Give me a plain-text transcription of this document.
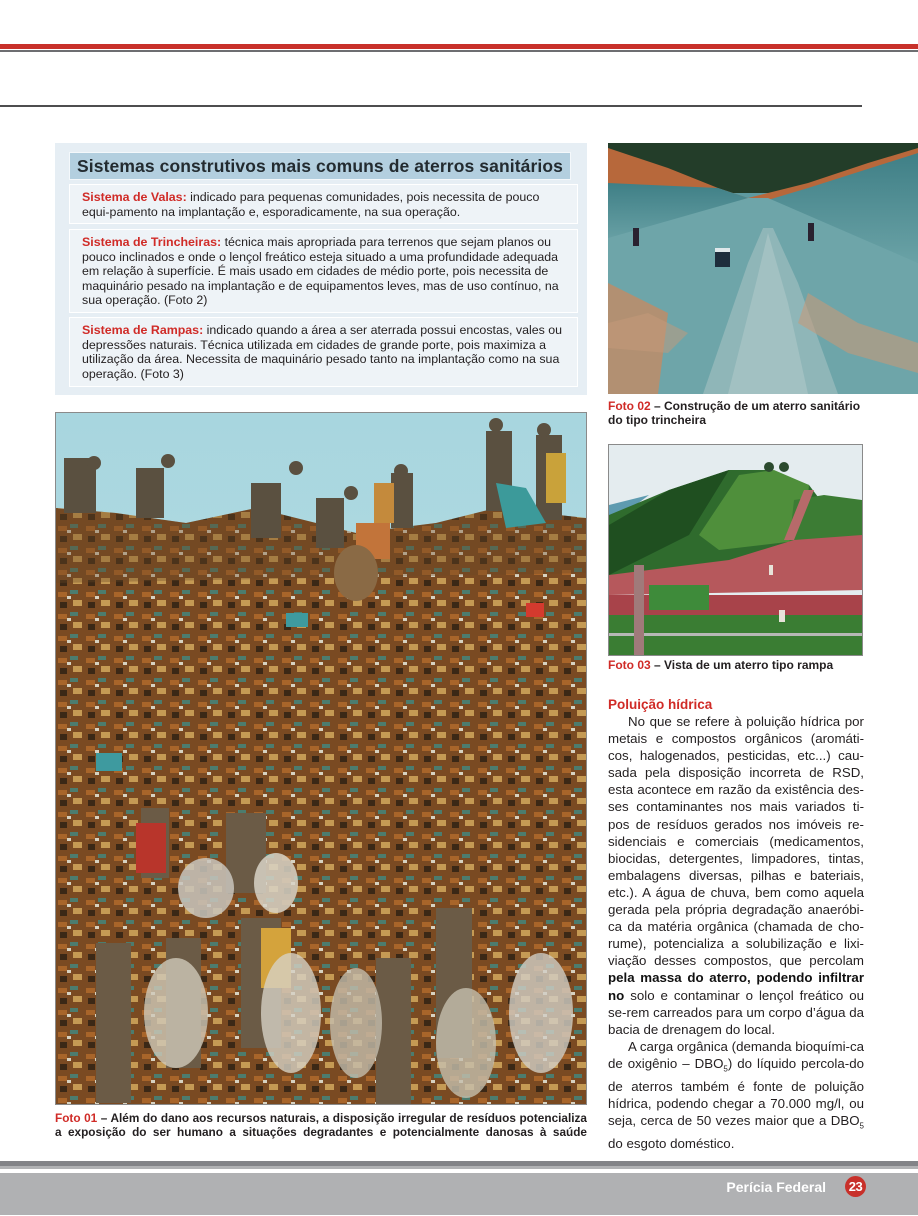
Sistemas construtivos mais comuns de aterros sanitários
Sistema de Valas: indicado para pequenas comunidades, pois necessita de pouco equi-pamento na implantação e, esporadicamente, na sua operação.
Sistema de Trincheiras: técnica mais apropriada para terrenos que sejam planos ou pouco inclinados e onde o lençol freático esteja situado a uma profundidade adequada em relação à superfície. É mais usado em cidades de médio porte, pois necessita de maquinário pesado na implantação e de equipamentos leves, mas de uso contínuo, na sua operação. (Foto 2)
Sistema de Rampas: indicado quando a área a ser aterrada possui encostas, vales ou depressões naturais. Técnica utilizada em cidades de grande porte, pois maximiza a utilização da área. Necessita de maquinário pesado tanto na implantação como na sua operação. (Foto 3)
Foto 02 – Construção de um aterro sanitário do tipo trincheira
Foto 03 – Vista de um aterro tipo rampa
Foto 01 – Além do dano aos recursos naturais, a disposição irregular de resíduos potencializa a exposição do ser humano a situações degradantes e potencialmente danosas à saúde
Poluição hídrica

No que se refere à poluição hídrica por metais e compostos orgânicos (aromáti-cos, halogenados, pesticidas, etc...) cau-sada pela disposição incorreta de RSD, esta acontece em razão da existência des-ses contaminantes nos mais variados ti-pos de resíduos gerados nos imóveis re-sidenciais e comerciais (medicamentos, biocidas, detergentes, limpadores, tintas, embalagens diversas, pilhas e bateriais, etc.). A água de chuva, bem como aquela gerada pela própria degradação anaeróbi-ca da matéria orgânica (chamada de cho-rume), potencializa a solubilização e lixi-viação desses compostos, que percolam pela massa do aterro, podendo infiltrar no solo e contaminar o lençol freático ou se-rem carreados para um corpo d’água da bacia de drenagem do local.

A carga orgânica (demanda bioquími-ca de oxigênio – $DBO_5$) do líquido percola-do de aterros também é fonte de poluição hídrica, podendo chegar a 70.000 mg/l, ou seja, cerca de 50 vezes maior que a $DBO_5$ do esgoto doméstico.

Perícia Federal 23
